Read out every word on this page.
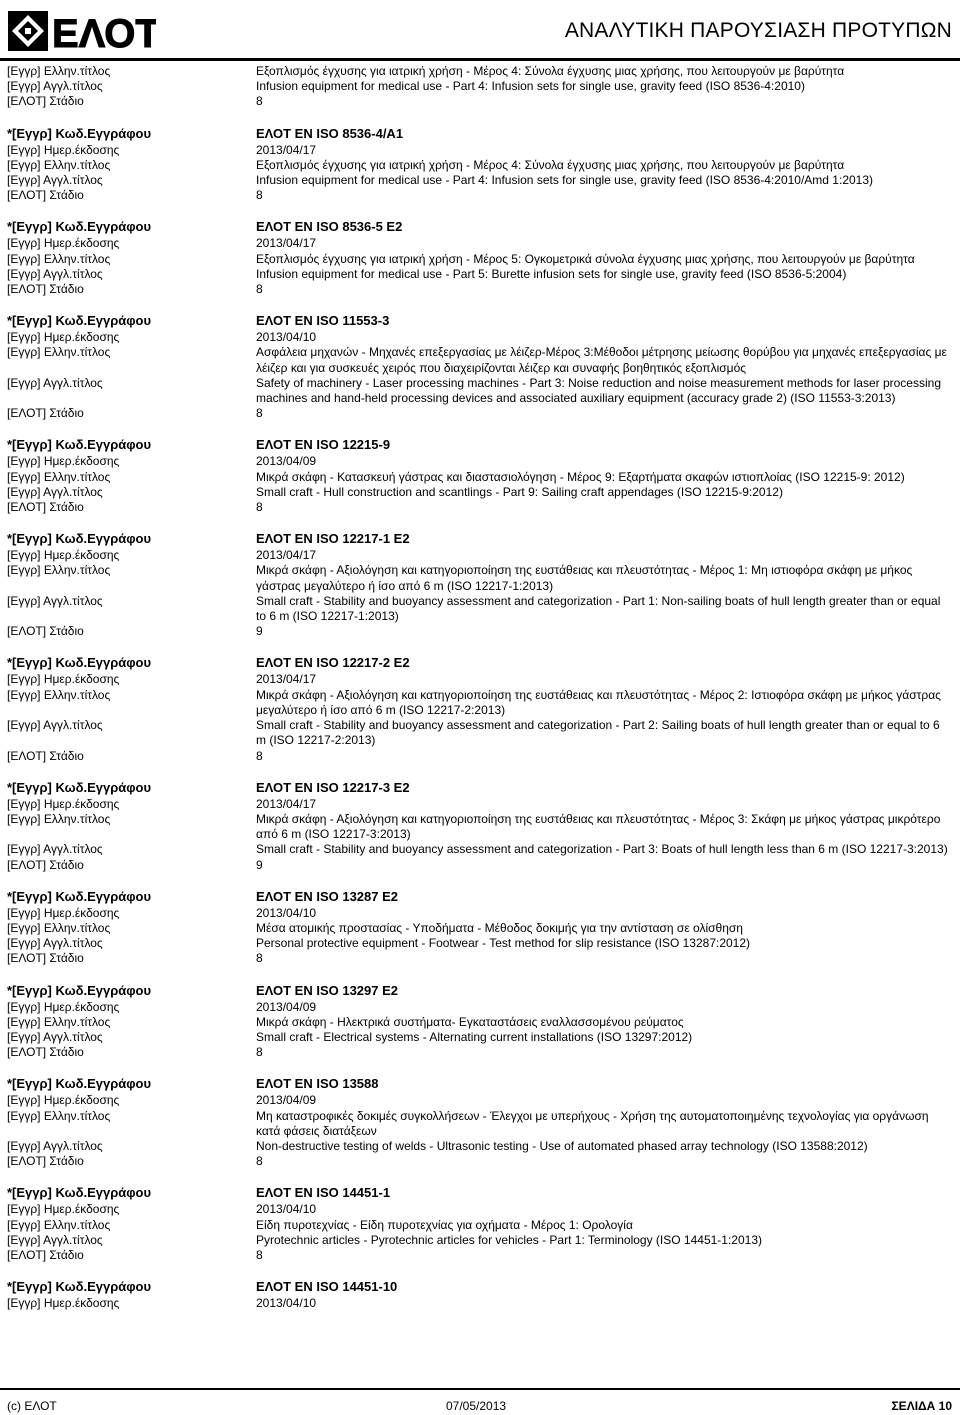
ΕΛΟΤ	ΑΝΑΛΥΤΙΚΗ ΠΑΡΟΥΣΙΑΣΗ ΠΡΟΤΥΠΩΝ
[Εγγρ] Ελλην.τίτλος	Εξοπλισμός έγχυσης για ιατρική χρήση - Μέρος 4: Σύνολα έγχυσης μιας χρήσης, που λειτουργούν με βαρύτητα
[Εγγρ] Αγγλ.τίτλος	Infusion equipment for medical use - Part 4: Infusion sets for single use, gravity feed (ISO 8536-4:2010)
[ΕΛΟΤ] Στάδιο	8
*[Εγγρ] Κωδ.Εγγράφου	ΕΛΟΤ EN ISO 8536-4/A1
[Εγγρ] Ημερ.έκδοσης	2013/04/17
[Εγγρ] Ελλην.τίτλος	Εξοπλισμός έγχυσης για ιατρική χρήση - Μέρος 4: Σύνολα έγχυσης μιας χρήσης, που λειτουργούν με βαρύτητα
[Εγγρ] Αγγλ.τίτλος	Infusion equipment for medical use - Part 4: Infusion sets for single use, gravity feed (ISO 8536-4:2010/Amd 1:2013)
[ΕΛΟΤ] Στάδιο	8
*[Εγγρ] Κωδ.Εγγράφου	ΕΛΟΤ EN ISO 8536-5 E2
[Εγγρ] Ημερ.έκδοσης	2013/04/17
[Εγγρ] Ελλην.τίτλος	Εξοπλισμός έγχυσης για ιατρική χρήση - Μέρος 5: Ογκομετρικά σύνολα έγχυσης μιας χρήσης, που λειτουργούν με βαρύτητα
[Εγγρ] Αγγλ.τίτλος	Infusion equipment for medical use - Part 5: Burette infusion sets for single use, gravity feed (ISO 8536-5:2004)
[ΕΛΟΤ] Στάδιο	8
*[Εγγρ] Κωδ.Εγγράφου	ΕΛΟΤ EN ISO 11553-3
[Εγγρ] Ημερ.έκδοσης	2013/04/10
[Εγγρ] Ελλην.τίτλος	Ασφάλεια μηχανών - Μηχανές επεξεργασίας με λέιζερ-Μέρος 3:Μέθοδοι μέτρησης μείωσης θορύβου για μηχανές επεξεργασίας με λέιζερ και για συσκευές χειρός που διαχειρίζονται λέιζερ και συναφής βοηθητικός εξοπλισμός
[Εγγρ] Αγγλ.τίτλος	Safety of machinery - Laser processing machines - Part 3: Noise reduction and noise measurement methods for laser processing machines and hand-held processing devices and associated auxiliary equipment (accuracy grade 2) (ISO 11553-3:2013)
[ΕΛΟΤ] Στάδιο	8
*[Εγγρ] Κωδ.Εγγράφου	ΕΛΟΤ EN ISO 12215-9
[Εγγρ] Ημερ.έκδοσης	2013/04/09
[Εγγρ] Ελλην.τίτλος	Μικρά σκάφη - Κατασκευή γάστρας και διαστασιολόγηση - Μέρος 9: Εξαρτήματα σκαφών ιστιοπλοίας (ISO 12215-9: 2012)
[Εγγρ] Αγγλ.τίτλος	Small craft - Hull construction and scantlings - Part 9: Sailing craft appendages (ISO 12215-9:2012)
[ΕΛΟΤ] Στάδιο	8
*[Εγγρ] Κωδ.Εγγράφου	ΕΛΟΤ EN ISO 12217-1 E2
[Εγγρ] Ημερ.έκδοσης	2013/04/17
[Εγγρ] Ελλην.τίτλος	Μικρά σκάφη - Αξιολόγηση και κατηγοριοποίηση της ευστάθειας και πλευστότητας - Μέρος 1: Μη ιστιοφόρα σκάφη με μήκος γάστρας μεγαλύτερο ή ίσο από 6 m (ISO 12217-1:2013)
[Εγγρ] Αγγλ.τίτλος	Small craft - Stability and buoyancy assessment and categorization - Part 1: Non-sailing boats of hull length greater than or equal to 6 m (ISO 12217-1:2013)
[ΕΛΟΤ] Στάδιο	9
*[Εγγρ] Κωδ.Εγγράφου	ΕΛΟΤ EN ISO 12217-2 E2
[Εγγρ] Ημερ.έκδοσης	2013/04/17
[Εγγρ] Ελλην.τίτλος	Μικρά σκάφη - Αξιολόγηση και κατηγοριοποίηση της ευστάθειας και πλευστότητας - Μέρος 2: Ιστιοφόρα σκάφη με μήκος γάστρας μεγαλύτερο ή ίσο από 6 m (ISO 12217-2:2013)
[Εγγρ] Αγγλ.τίτλος	Small craft - Stability and buoyancy assessment and categorization - Part 2: Sailing boats of hull length greater than or equal to 6 m (ISO 12217-2:2013)
[ΕΛΟΤ] Στάδιο	8
*[Εγγρ] Κωδ.Εγγράφου	ΕΛΟΤ EN ISO 12217-3 E2
[Εγγρ] Ημερ.έκδοσης	2013/04/17
[Εγγρ] Ελλην.τίτλος	Μικρά σκάφη - Αξιολόγηση και κατηγοριοποίηση της ευστάθειας και πλευστότητας - Μέρος 3: Σκάφη με μήκος γάστρας μικρότερο από 6 m (ISO 12217-3:2013)
[Εγγρ] Αγγλ.τίτλος	Small craft - Stability and buoyancy assessment and categorization - Part 3: Boats of hull length less than 6 m (ISO 12217-3:2013)
[ΕΛΟΤ] Στάδιο	9
*[Εγγρ] Κωδ.Εγγράφου	ΕΛΟΤ EN ISO 13287 E2
[Εγγρ] Ημερ.έκδοσης	2013/04/10
[Εγγρ] Ελλην.τίτλος	Μέσα ατομικής προστασίας - Υποδήματα - Μέθοδος δοκιμής για την αντίσταση σε ολίσθηση
[Εγγρ] Αγγλ.τίτλος	Personal protective equipment - Footwear - Test method for slip resistance (ISO 13287:2012)
[ΕΛΟΤ] Στάδιο	8
*[Εγγρ] Κωδ.Εγγράφου	ΕΛΟΤ EN ISO 13297 E2
[Εγγρ] Ημερ.έκδοσης	2013/04/09
[Εγγρ] Ελλην.τίτλος	Μικρά σκάφη - Ηλεκτρικά συστήματα- Εγκαταστάσεις εναλλασσομένου ρεύματος
[Εγγρ] Αγγλ.τίτλος	Small craft - Electrical systems - Alternating current installations (ISO 13297:2012)
[ΕΛΟΤ] Στάδιο	8
*[Εγγρ] Κωδ.Εγγράφου	ΕΛΟΤ EN ISO 13588
[Εγγρ] Ημερ.έκδοσης	2013/04/09
[Εγγρ] Ελλην.τίτλος	Μη καταστροφικές δοκιμές συγκολλήσεων - Έλεγχοι με υπερήχους - Χρήση της αυτοματοποιημένης τεχνολογίας για οργάνωση κατά φάσεις διατάξεων
[Εγγρ] Αγγλ.τίτλος	Non-destructive testing of welds - Ultrasonic testing - Use of automated phased array technology (ISO 13588:2012)
[ΕΛΟΤ] Στάδιο	8
*[Εγγρ] Κωδ.Εγγράφου	ΕΛΟΤ EN ISO 14451-1
[Εγγρ] Ημερ.έκδοσης	2013/04/10
[Εγγρ] Ελλην.τίτλος	Είδη πυροτεχνίας - Είδη πυροτεχνίας για οχήματα - Μέρος 1: Ορολογία
[Εγγρ] Αγγλ.τίτλος	Pyrotechnic articles - Pyrotechnic articles for vehicles - Part 1: Terminology (ISO 14451-1:2013)
[ΕΛΟΤ] Στάδιο	8
*[Εγγρ] Κωδ.Εγγράφου	ΕΛΟΤ EN ISO 14451-10
[Εγγρ] Ημερ.έκδοσης	2013/04/10
(c) ΕΛΟΤ	07/05/2013	ΣΕΛΙΔΑ 10
